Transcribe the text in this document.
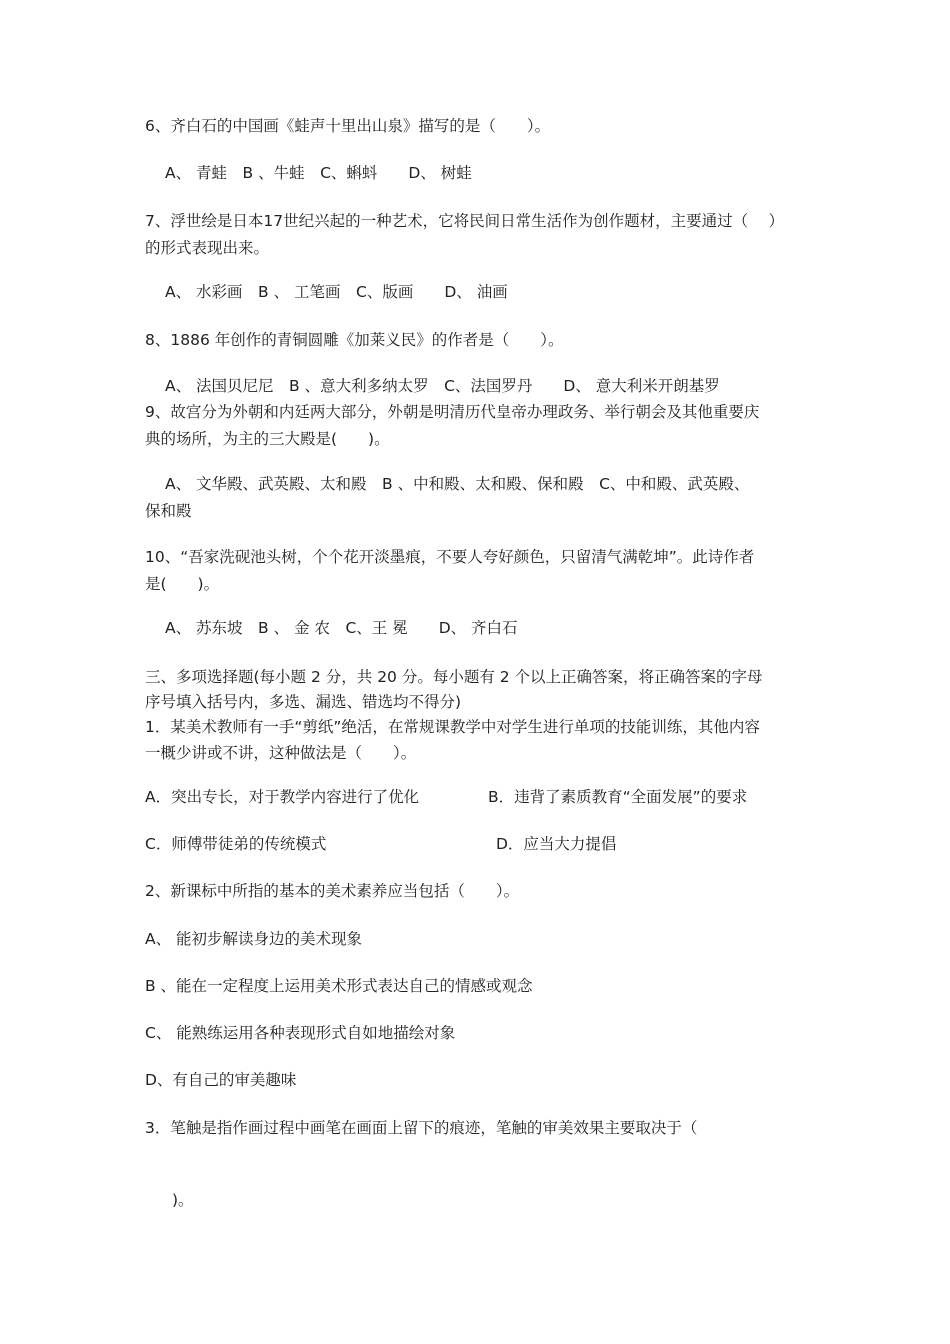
6、齐白石的中国画《蛙声十里出山泉》描写的是（　　）。
A、 青蛙　B 、牛蛙　C、蝌蚪　　D、 树蛙
7、浮世绘是日本17世纪兴起的一种艺术，它将民间日常生活作为创作题材，主要通过（　 ）
的形式表现出来。
A、 水彩画　B 、 工笔画　C、版画　　D、 油画
8、1886 年创作的青铜圆雕《加莱义民》的作者是（　　）。
A、 法国贝尼尼　B 、意大利多纳太罗　C、法国罗丹　　D、 意大利米开朗基罗
9、故宫分为外朝和内廷两大部分，外朝是明清历代皇帝办理政务、举行朝会及其他重要庆
典的场所，为主的三大殿是(　　)。
A、 文华殿、武英殿、太和殿　B 、中和殿、太和殿、保和殿　C、中和殿、武英殿、
保和殿
10、“吾家洗砚池头树，个个花开淡墨痕，不要人夸好颜色，只留清气满乾坤”。此诗作者
是(　　)。
A、 苏东坡　B 、 金 农　C、王 冕　　D、 齐白石
三、多项选择题(每小题 2 分，共 20 分。每小题有 2 个以上正确答案，将正确答案的字母
序号填入括号内，多选、漏选、错选均不得分)
1．某美术教师有一手“剪纸”绝活，在常规课教学中对学生进行单项的技能训练，其他内容
一概少讲或不讲，这种做法是（　　）。
A．突出专长，对于教学内容进行了优化	B．违背了素质教育“全面发展”的要求
C．师傅带徒弟的传统模式	D．应当大力提倡
2、新课标中所指的基本的美术素养应当包括（　　）。
A、 能初步解读身边的美术现象
B 、能在一定程度上运用美术形式表达自己的情感或观念
C、 能熟练运用各种表现形式自如地描绘对象
D、有自己的审美趣味
3．笔触是指作画过程中画笔在画面上留下的痕迹，笔触的审美效果主要取决于（
)。
